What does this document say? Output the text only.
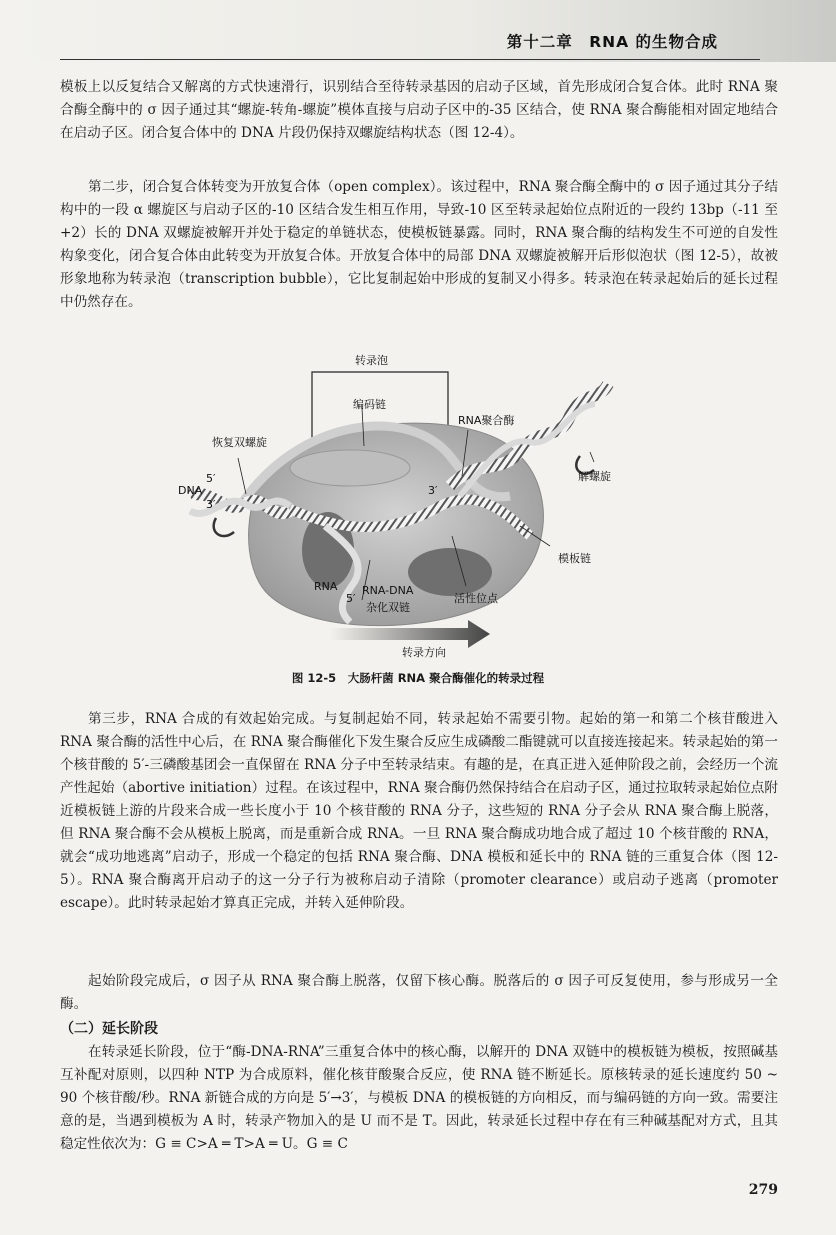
第十二章　RNA 的生物合成

模板上以反复结合又解离的方式快速滑行，识别结合至待转录基因的启动子区域，首先形成闭合复合体。此时 RNA 聚合酶全酶中的 σ 因子通过其“螺旋-转角-螺旋”模体直接与启动子区中的-35 区结合，使 RNA 聚合酶能相对固定地结合在启动子区。闭合复合体中的 DNA 片段仍保持双螺旋结构状态（图 12-4）。

第二步，闭合复合体转变为开放复合体（open complex）。该过程中，RNA 聚合酶全酶中的 σ 因子通过其分子结构中的一段 α 螺旋区与启动子区的-10 区结合发生相互作用，导致-10 区至转录起始位点附近的一段约 13bp（-11 至+2）长的 DNA 双螺旋被解开并处于稳定的单链状态，使模板链暴露。同时，RNA 聚合酶的结构发生不可逆的自发性构象变化，闭合复合体由此转变为开放复合体。开放复合体中的局部 DNA 双螺旋被解开后形似泡状（图 12-5），故被形象地称为转录泡（transcription bubble），它比复制起始中形成的复制叉小得多。转录泡在转录起始后的延长过程中仍然存在。

转录泡
编码链
RNA聚合酶
恢复双螺旋
解螺旋
DNA
5′
3′
3′
模板链
RNA
5′
RNA-DNA
杂化双链
活性位点
转录方向
图 12-5　大肠杆菌 RNA 聚合酶催化的转录过程

第三步，RNA 合成的有效起始完成。与复制起始不同，转录起始不需要引物。起始的第一和第二个核苷酸进入 RNA 聚合酶的活性中心后，在 RNA 聚合酶催化下发生聚合反应生成磷酸二酯键就可以直接连接起来。转录起始的第一个核苷酸的 5′-三磷酸基团会一直保留在 RNA 分子中至转录结束。有趣的是，在真正进入延伸阶段之前，会经历一个流产性起始（abortive initiation）过程。在该过程中，RNA 聚合酶仍然保持结合在启动子区，通过拉取转录起始位点附近模板链上游的片段来合成一些长度小于 10 个核苷酸的 RNA 分子，这些短的 RNA 分子会从 RNA 聚合酶上脱落，但 RNA 聚合酶不会从模板上脱离，而是重新合成 RNA。一旦 RNA 聚合酶成功地合成了超过 10 个核苷酸的 RNA，就会“成功地逃离”启动子，形成一个稳定的包括 RNA 聚合酶、DNA 模板和延长中的 RNA 链的三重复合体（图 12-5）。RNA 聚合酶离开启动子的这一分子行为被称启动子清除（promoter clearance）或启动子逃离（promoter escape）。此时转录起始才算真正完成，并转入延伸阶段。

起始阶段完成后，σ 因子从 RNA 聚合酶上脱落，仅留下核心酶。脱落后的 σ 因子可反复使用，参与形成另一全酶。

（二）延长阶段

在转录延长阶段，位于“酶-DNA-RNA”三重复合体中的核心酶，以解开的 DNA 双链中的模板链为模板，按照碱基互补配对原则，以四种 NTP 为合成原料，催化核苷酸聚合反应，使 RNA 链不断延长。原核转录的延长速度约 50 ~ 90 个核苷酸/秒。RNA 新链合成的方向是 5′→3′，与模板 DNA 的模板链的方向相反，而与编码链的方向一致。需要注意的是，当遇到模板为 A 时，转录产物加入的是 U 而不是 T。因此，转录延长过程中存在有三种碱基配对方式，且其稳定性依次为：G ≡ C>A ═ T>A ═ U。G ≡ C

279
